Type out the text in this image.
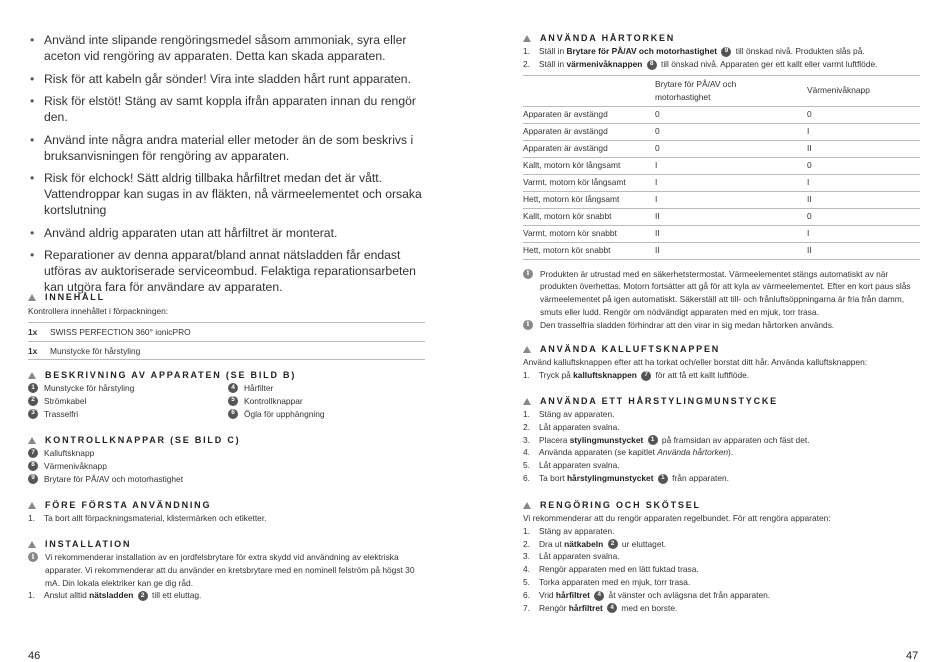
• Använd inte slipande rengöringsmedel såsom ammoniak, syra eller aceton vid rengöring av apparaten. Detta kan skada apparaten.
• Risk för att kabeln går sönder! Vira inte sladden hårt runt apparaten.
• Risk för elstöt! Stäng av samt koppla ifrån apparaten innan du rengör den.
• Använd inte några andra material eller metoder än de som beskrivs i bruksanvisningen för rengöring av apparaten.
• Risk för elchock! Sätt aldrig tillbaka hårfiltret medan det är vått. Vattendroppar kan sugas in av fläkten, nå värmeelementet och orsaka kortslutning
• Använd aldrig apparaten utan att hårfiltret är monterat.
• Reparationer av denna apparat/bland annat nätsladden får endast utföras av auktoriserade serviceombud. Felaktiga reparationsarbeten kan utgöra fara för användare av apparaten.
INNEHÅLL
Kontrollera innehållet i förpackningen:
1x	SWISS PERFECTION 360° ionicPRO
1x	Munstycke för hårstyling
BESKRIVNING AV APPARATEN (SE BILD B)
1	Munstycke för hårstyling
2	Strömkabel
3	Trasselfri
4	Hårfilter
5	Kontrollknappar
6	Ögla för upphängning
KONTROLLKNAPPAR (SE BILD C)
7	Kalluftsknapp
8	Värmenivåknapp
9	Brytare för PÅ/AV och motorhastighet
FÖRE FÖRSTA ANVÄNDNING
1.	Ta bort allt förpackningsmaterial, klistermärken och etiketter.
INSTALLATION
i	Vi rekommenderar installation av en jordfelsbrytare för extra skydd vid användning av elektriska apparater. Vi rekommenderar att du använder en kretsbrytare med en nominell felström på högst 30 mA. Din lokala elektriker kan ge dig råd.
1.	Anslut alltid nätsladden 2 till ett eluttag.
46
ANVÄNDA HÅRTORKEN
1.	Ställ in Brytare för PÅ/AV och motorhastighet 9 till önskad nivå. Produkten slås på.
2.	Ställ in värmenivåknappen 8 till önskad nivå. Apparaten ger ett kallt eller varmt luftflöde.
	Brytare för PÅ/AV och motorhastighet	Värmenivåknapp
Apparaten är avstängd	0	0
Apparaten är avstängd	0	I
Apparaten är avstängd	0	II
Kallt, motorn kör långsamt	I	0
Varmt, motorn kör långsamt	I	I
Hett, motorn kör långsamt	I	II
Kallt, motorn kör snabbt	II	0
Varmt, motorn kör snabbt	II	I
Hett, motorn kör snabbt	II	II
i	Produkten är utrustad med en säkerhetstermostat. Värmeelementet stängs automatiskt av när produkten överhettas. Motorn fortsätter att gå för att kyla av värmeelementet. Efter en kort paus slås värmeelementet på igen automatiskt. Säkerställ att till- och frånluftsöppningarna är fria från damm, smuts eller ludd. Rengör om nödvändigt apparaten med en mjuk, torr trasa.
i	Den trasselfria sladden förhindrar att den virar in sig medan hårtorken används.
ANVÄNDA KALLUFTSKNAPPEN
Använd kalluftsknappen efter att ha torkat och/eller borstat ditt hår. Använda kalluftsknappen:
1.	Tryck på kalluftsknappen 7 för att få ett kallt luftflöde.
ANVÄNDA ETT HÅRSTYLINGMUNSTYCKE
1.	Stäng av apparaten.
2.	Låt apparaten svalna.
3.	Placera stylingmunstycket 1 på framsidan av apparaten och fäst det.
4.	Använda apparaten (se kapitlet Använda hårtorken).
5.	Låt apparaten svalna.
6.	Ta bort hårstylingmunstycket 1 från apparaten.
RENGÖRING OCH SKÖTSEL
Vi rekommenderar att du rengör apparaten regelbundet. För att rengöra apparaten:
1.	Stäng av apparaten.
2.	Dra ut nätkabeln 2 ur eluttaget.
3.	Låt apparaten svalna.
4.	Rengör apparaten med en lätt fuktad trasa.
5.	Torka apparaten med en mjuk, torr trasa.
6.	Vrid hårfiltret 4 åt vänster och avlägsna det från apparaten.
7.	Rengör hårfiltret 4 med en borste.
47
